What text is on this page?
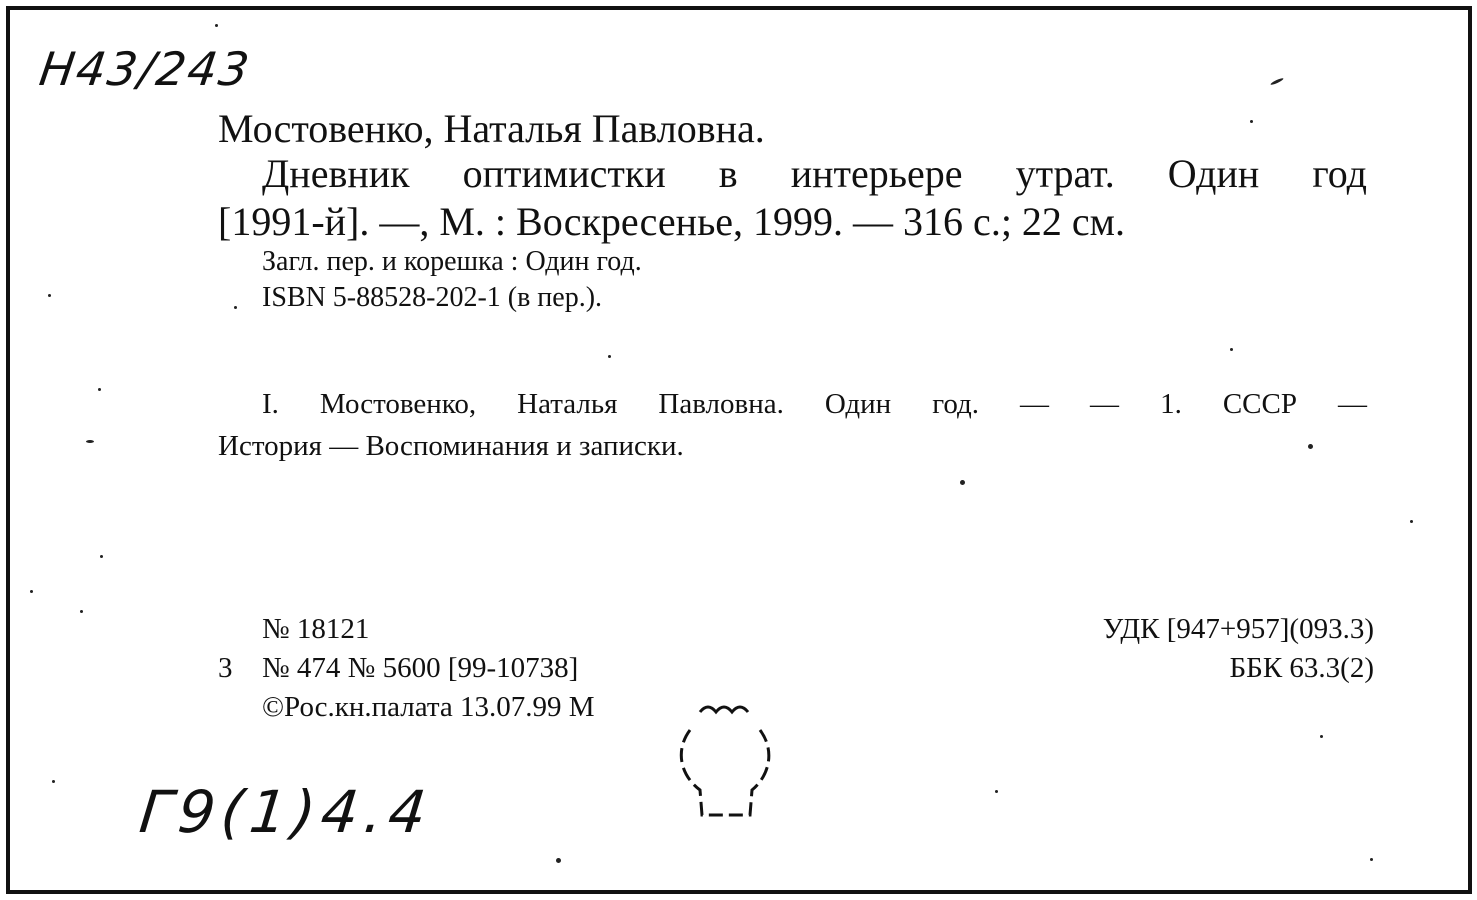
Н43/243
Мостовенко, Наталья Павловна.
Дневник оптимистки в интерьере утрат. Один год
[1991-й]. —, М. : Воскресенье, 1999. — 316 с.; 22 см.
Загл. пер. и корешка : Один год.
ISBN 5-88528-202-1 (в пер.).
I. Мостовенко, Наталья Павловна. Один год. — — 1. СССР —
История — Воспоминания и записки.
№ 18121
3 № 474 № 5600 [99-10738]
©Рос.кн.палата 13.07.99 М
УДК [947+957](093.3)
ББК 63.3(2)
Г9(1)4.4
